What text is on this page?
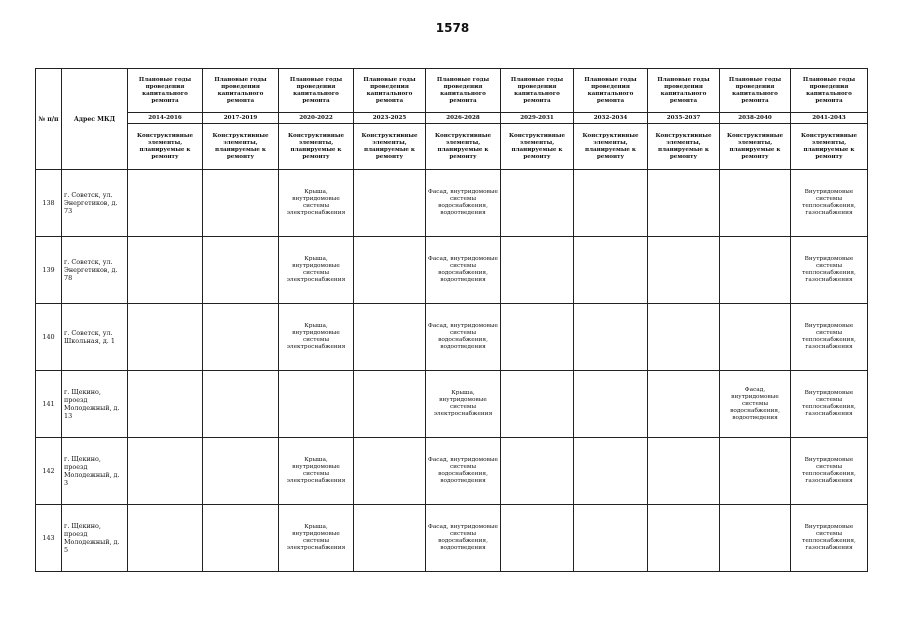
1578
№ п/п	Адрес МКД	Плановые годы проведения капитального ремонта	Плановые годы проведения капитального ремонта	Плановые годы проведения капитального ремонта	Плановые годы проведения капитального ремонта	Плановые годы проведения капитального ремонта	Плановые годы проведения капитального ремонта	Плановые годы проведения капитального ремонта	Плановые годы проведения капитального ремонта	Плановые годы проведения капитального ремонта	Плановые годы проведения капитального ремонта
		2014-2016	2017-2019	2020-2022	2023-2025	2026-2028	2029-2031	2032-2034	2035-2037	2038-2040	2041-2043
		Конструктивные элементы, планируемые к ремонту	Конструктивные элементы, планируемые к ремонту	Конструктивные элементы, планируемые к ремонту	Конструктивные элементы, планируемые к ремонту	Конструктивные элементы, планируемые к ремонту	Конструктивные элементы, планируемые к ремонту	Конструктивные элементы, планируемые к ремонту	Конструктивные элементы, планируемые к ремонту	Конструктивные элементы, планируемые к ремонту	Конструктивные элементы, планируемые к ремонту
138	г. Советск, ул. Энергетиков, д. 73			Крыша, внутридомовые системы электроснабжения		Фасад, внутридомовые системы водоснабжения, водоотведения					Внутридомовые системы теплоснабжения, газоснабжения
139	г. Советск, ул. Энергетиков, д. 78			Крыша, внутридомовые системы электроснабжения		Фасад, внутридомовые системы водоснабжения, водоотведения					Внутридомовые системы теплоснабжения, газоснабжения
140	г. Советск, ул. Школьная, д. 1			Крыша, внутридомовые системы электроснабжения		Фасад, внутридомовые системы водоснабжения, водоотведения					Внутридомовые системы теплоснабжения, газоснабжения
141	г. Щекино, проезд Молодежный, д. 13					Крыша, внутридомовые системы электроснабжения				Фасад, внутридомовые системы водоснабжения, водоотведения	Внутридомовые системы теплоснабжения, газоснабжения
142	г. Щекино, проезд Молодежный, д. 3			Крыша, внутридомовые системы электроснабжения		Фасад, внутридомовые системы водоснабжения, водоотведения					Внутридомовые системы теплоснабжения, газоснабжения
143	г. Щекино, проезд Молодежный, д. 5			Крыша, внутридомовые системы электроснабжения		Фасад, внутридомовые системы водоснабжения, водоотведения					Внутридомовые системы теплоснабжения, газоснабжения
